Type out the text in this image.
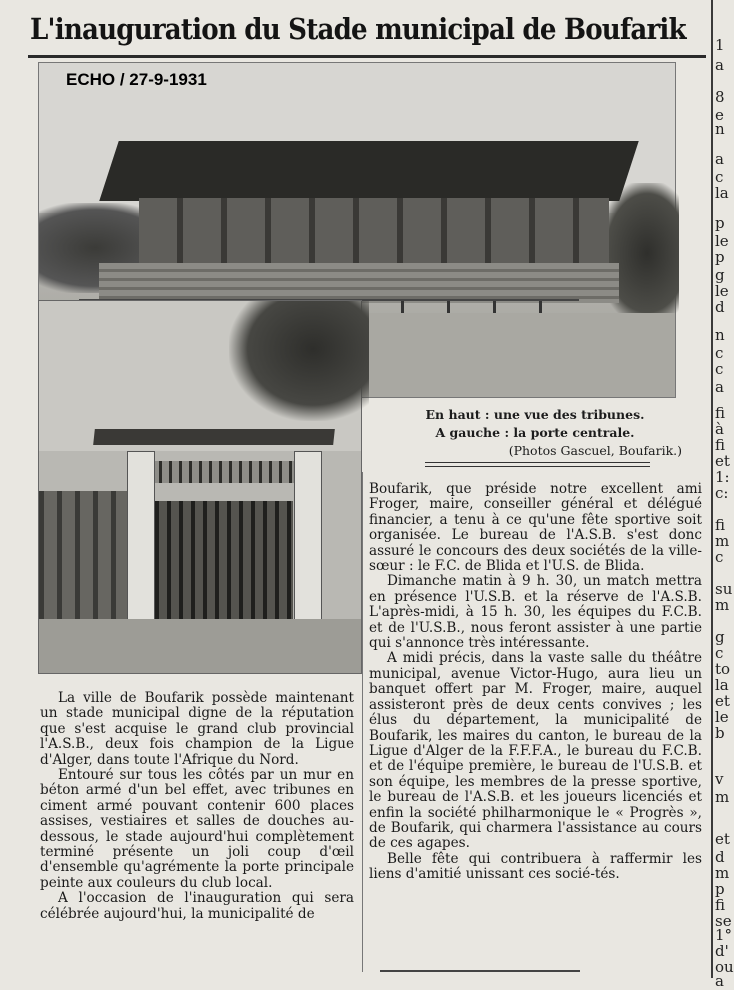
L'inauguration du Stade municipal de Boufarik
ECHO / 27-9-1931
En haut : une vue des tribunes.
A gauche : la porte centrale.
(Photos Gascuel, Boufarik.)

La ville de Boufarik possède maintenant un stade municipal digne de la réputation que s'est acquise le grand club provincial l'A.S.B., deux fois champion de la Ligue d'Alger, dans toute l'Afrique du Nord.

Entouré sur tous les côtés par un mur en béton armé d'un bel effet, avec tribunes en ciment armé pouvant contenir 600 places assises, vestiaires et salles de douches au-dessous, le stade aujourd'hui complètement terminé présente un joli coup d'œil d'ensemble qu'agrémente la porte principale peinte aux couleurs du club local.

A l'occasion de l'inauguration qui sera célébrée aujourd'hui, la municipalité de

Boufarik, que préside notre excellent ami Froger, maire, conseiller général et délégué financier, a tenu à ce qu'une fête sportive soit organisée. Le bureau de l'A.S.B. s'est donc assuré le concours des deux sociétés de la ville-sœur : le F.C. de Blida et l'U.S. de Blida.

Dimanche matin à 9 h. 30, un match mettra en présence l'U.S.B. et la réserve de l'A.S.B. L'après-midi, à 15 h. 30, les équipes du F.C.B. et de l'U.S.B., nous feront assister à une partie qui s'annonce très intéressante.

A midi précis, dans la vaste salle du théâtre municipal, avenue Victor-Hugo, aura lieu un banquet offert par M. Froger, maire, auquel assisteront près de deux cents convives ; les élus du département, la municipalité de Boufarik, les maires du canton, le bureau de la Ligue d'Alger de la F.F.F.A., le bureau du F.C.B. et de l'équipe première, le bureau de l'U.S.B. et son équipe, les membres de la presse sportive, le bureau de l'A.S.B. et les joueurs licenciés et enfin la société philharmonique le « Progrès », de Boufarik, qui charmera l'assistance au cours de ces agapes.

Belle fête qui contribuera à raffermir les liens d'amitié unissant ces socié-tés.

1
a
8
e
n
a
c
la
p
le
p
g
le
d
n
c
c
a
fi
à
fi
et
1:
c:
fi
m
c
su
m
g
c
to
la
et
le
b
v
m
et
d
m
p
fi
se
1°
d'
ou
a
